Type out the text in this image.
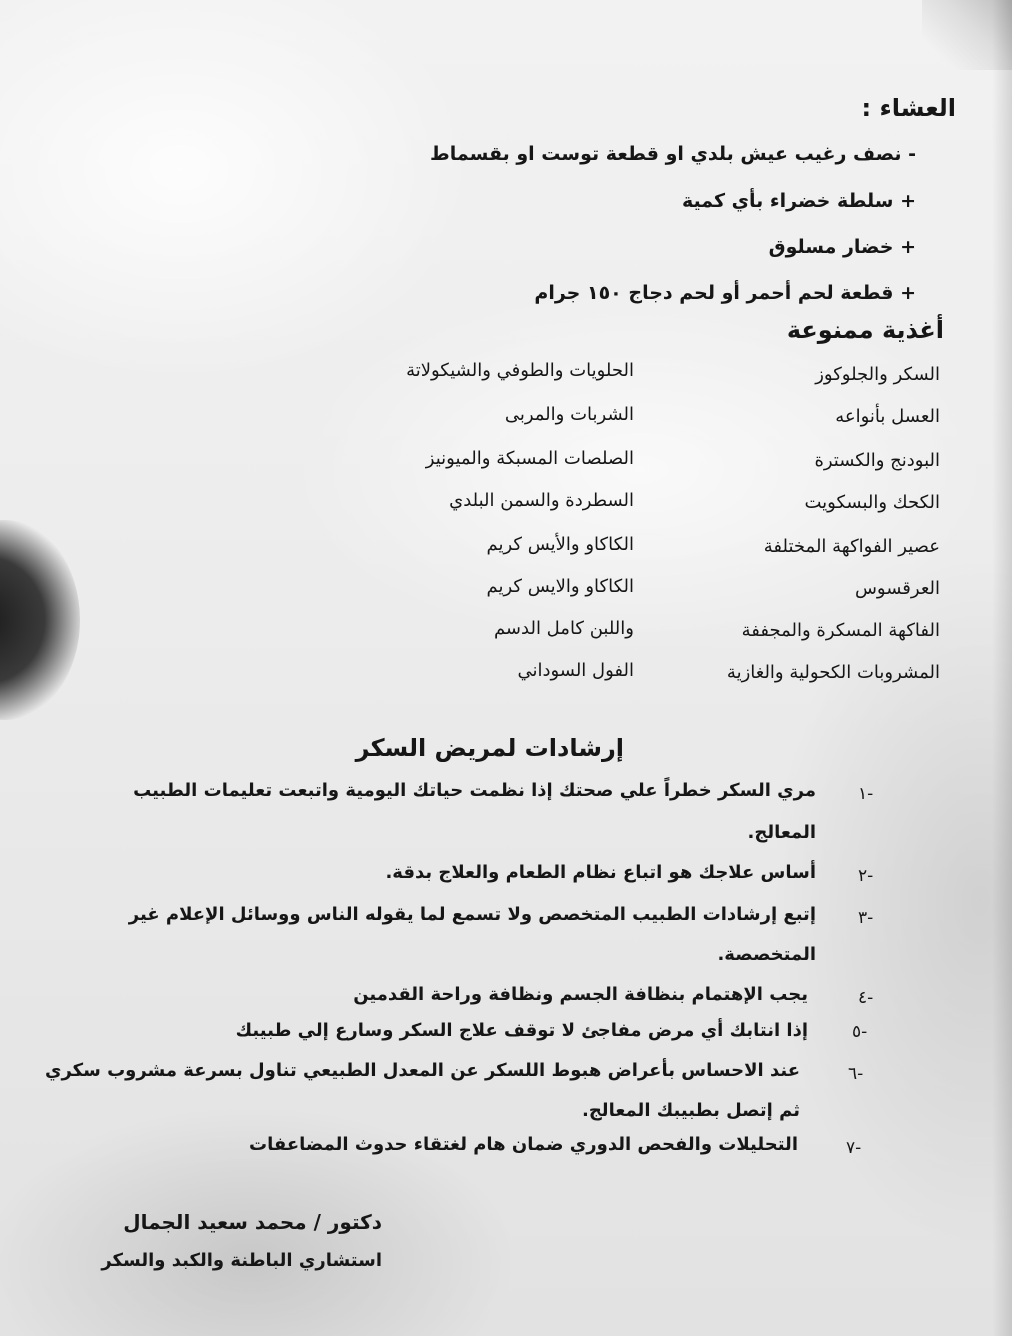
العشاء :
- نصف رغيب عيش بلدي او قطعة توست او بقسماط
+ سلطة خضراء بأي كمية
+ خضار مسلوق
+ قطعة لحم أحمر أو لحم دجاج ١٥٠ جرام
أغذية ممنوعة
السكر والجلوكوز
العسل بأنواعه
البودنج والكسترة
الكحك والبسكويت
عصير الفواكهة المختلفة
العرقسوس
الفاكهة المسكرة والمجففة
المشروبات الكحولية والغازية
الحلويات والطوفي والشيكولاتة
الشربات والمربى
الصلصات المسبكة والميونيز
السطردة والسمن البلدي
الكاكاو والأيس كريم
الكاكاو والايس كريم
واللبن كامل الدسم
الفول السوداني
إرشادات لمريض السكر
-١
مري السكر خطراً علي صحتك إذا نظمت حياتك اليومية واتبعت تعليمات الطبيب
المعالج.
-٢
أساس علاجك هو اتباع نظام الطعام والعلاج بدقة.
-٣
إتبع إرشادات الطبيب المتخصص ولا تسمع لما يقوله الناس ووسائل الإعلام غير
المتخصصة.
-٤
يجب الإهتمام بنظافة الجسم ونظافة وراحة القدمين
-٥
إذا انتابك أي مرض مفاجئ لا توقف علاج السكر وسارع إلي طبيبك
-٦
عند الاحساس بأعراض هبوط اللسكر عن المعدل الطبيعي تناول بسرعة مشروب سكري
ثم إتصل بطبيبك المعالج.
-٧
التحليلات والفحص الدوري ضمان هام لغتقاء حدوث المضاعفات
دكتور / محمد سعيد الجمال
استشاري الباطنة والكبد والسكر
